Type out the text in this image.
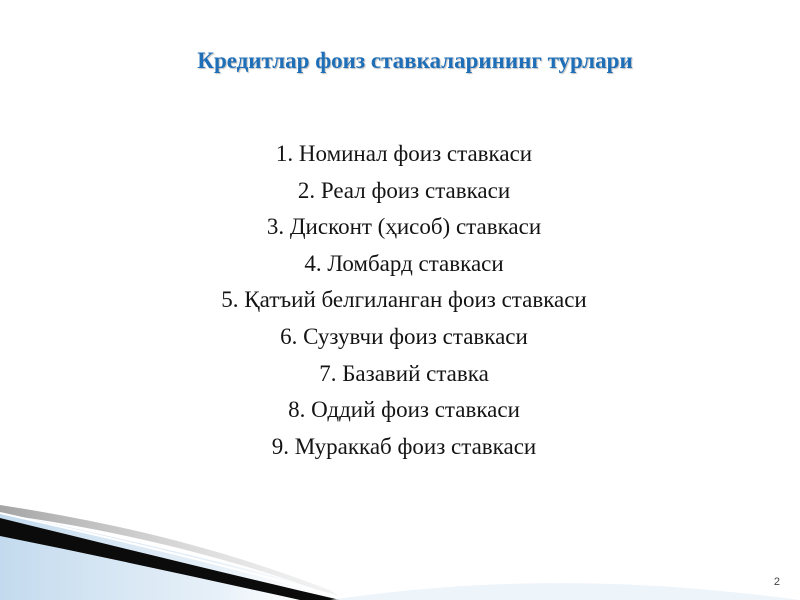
Кредитлар фоиз ставкаларининг турлари
1. Номинал фоиз ставкаси
2. Реал фоиз ставкаси
3. Дисконт (ҳисоб) ставкаси
4. Ломбард ставкаси
5. Қатъий белгиланган фоиз ставкаси
6. Сузувчи фоиз ставкаси
7. Базавий ставка
8. Оддий фоиз ставкаси
9. Мураккаб фоиз ставкаси
2
